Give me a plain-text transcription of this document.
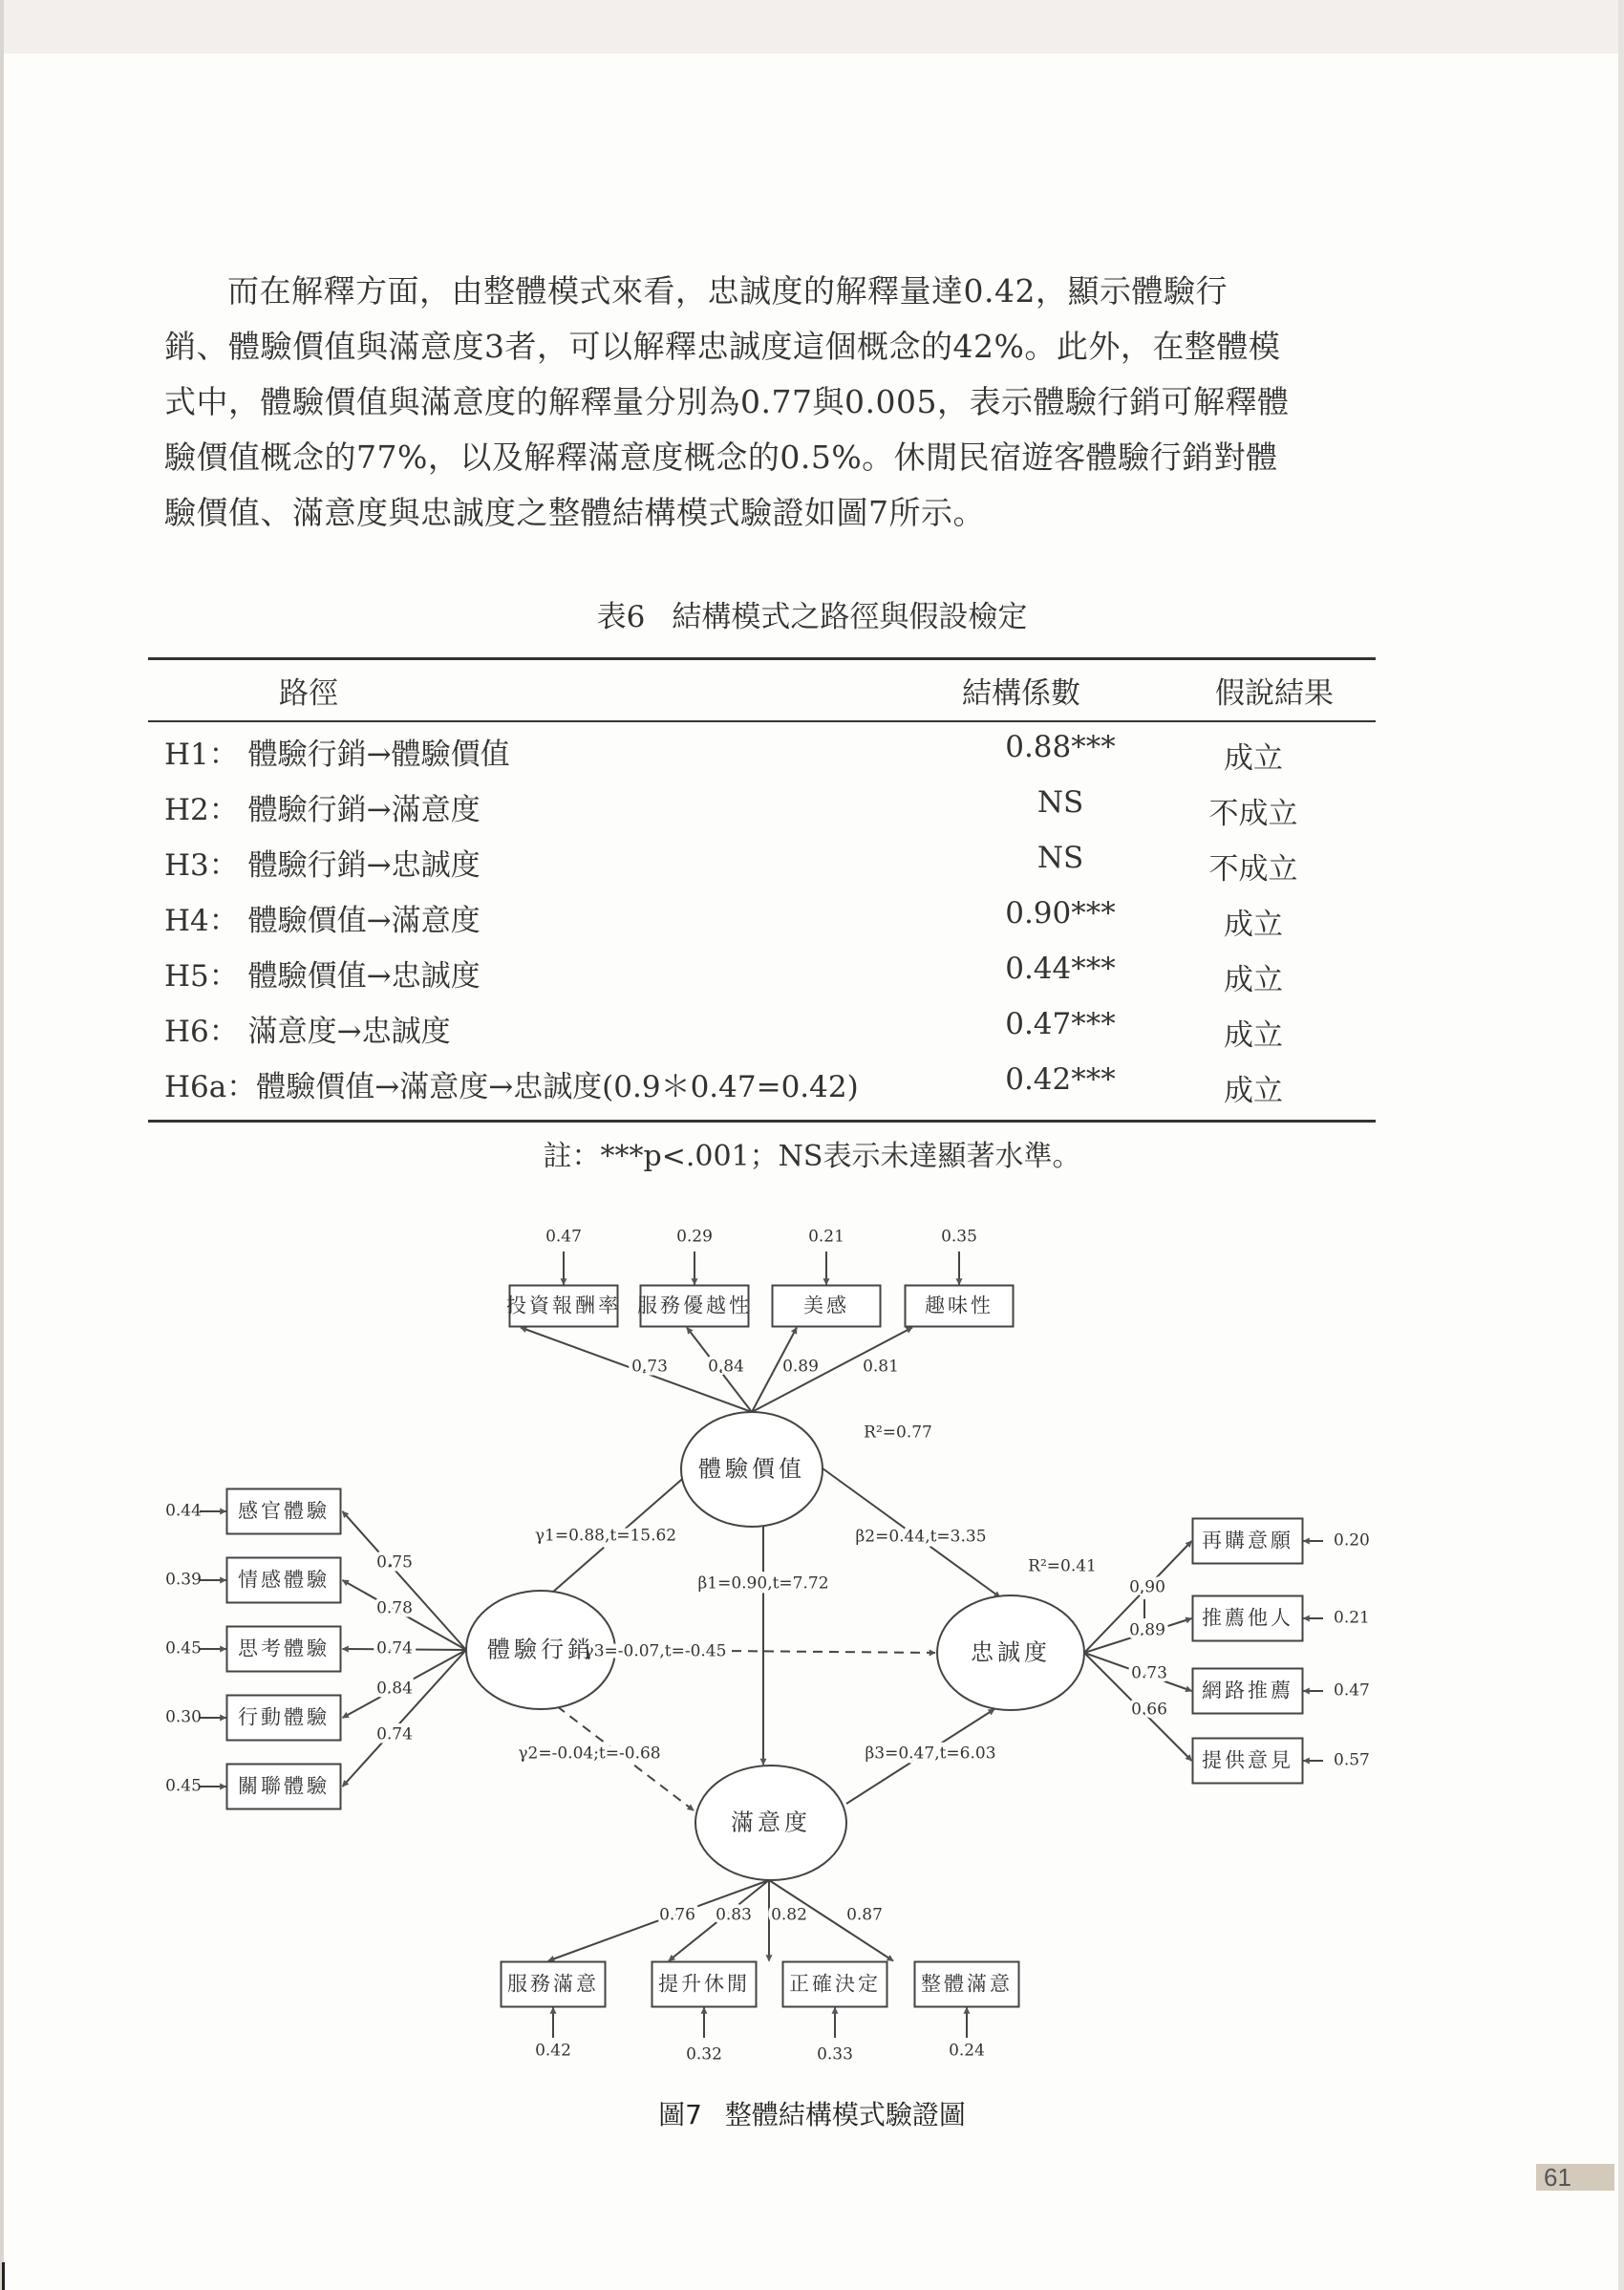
而在解釋方面，由整體模式來看，忠誠度的解釋量達0.42，顯示體驗行
銷、體驗價值與滿意度3者，可以解釋忠誠度這個概念的42%。此外，在整體模
式中，體驗價值與滿意度的解釋量分別為0.77與0.005，表示體驗行銷可解釋體
驗價值概念的77%，以及解釋滿意度概念的0.5%。休閒民宿遊客體驗行銷對體
驗價值、滿意度與忠誠度之整體結構模式驗證如圖7所示。
表6 結構模式之路徑與假設檢定
路徑	結構係數	假說結果
H1： 體驗行銷→體驗價值	0.88***	成立
H2： 體驗行銷→滿意度	NS	不成立
H3： 體驗行銷→忠誠度	NS	不成立
H4： 體驗價值→滿意度	0.90***	成立
H5： 體驗價值→忠誠度	0.44***	成立
H6： 滿意度→忠誠度	0.47***	成立
H6a：體驗價值→滿意度→忠誠度(0.9＊0.47=0.42)	0.42***	成立
註：***p<.001；NS表示未達顯著水準。
0.47
投資報酬率
0.29
服務優越性
0.21
美感
0.35
趣味性
0.73 0.84 0.89	0.81
0.44 感官體驗
0.39 情感體驗
0.45 思考體驗
0.30 行動體驗
0.45 關聯體驗
0.75
0.78
0.74
0.84
0.74
0.20
再購意願
0.21
推薦他人
0.47
網路推薦
0.57
提供意見
0.90
0.89
0.73
0.66
0.42
服務滿意
0.32
提升休閒
0.33
正確決定
0.24
整體滿意
0.76 0.83 0.82 0.87
γ1=0.88,t=15.62	β2=0.44,t=3.35
β1=0.90,t=7.72
γ3=-0.07,t=-0.45
γ2=-0.04;t=-0.68	β3=0.47,t=6.03
R²=0.77
R²=0.41
體驗價值
體驗行銷
滿意度
忠誠度
圖7 整體結構模式驗證圖
61
